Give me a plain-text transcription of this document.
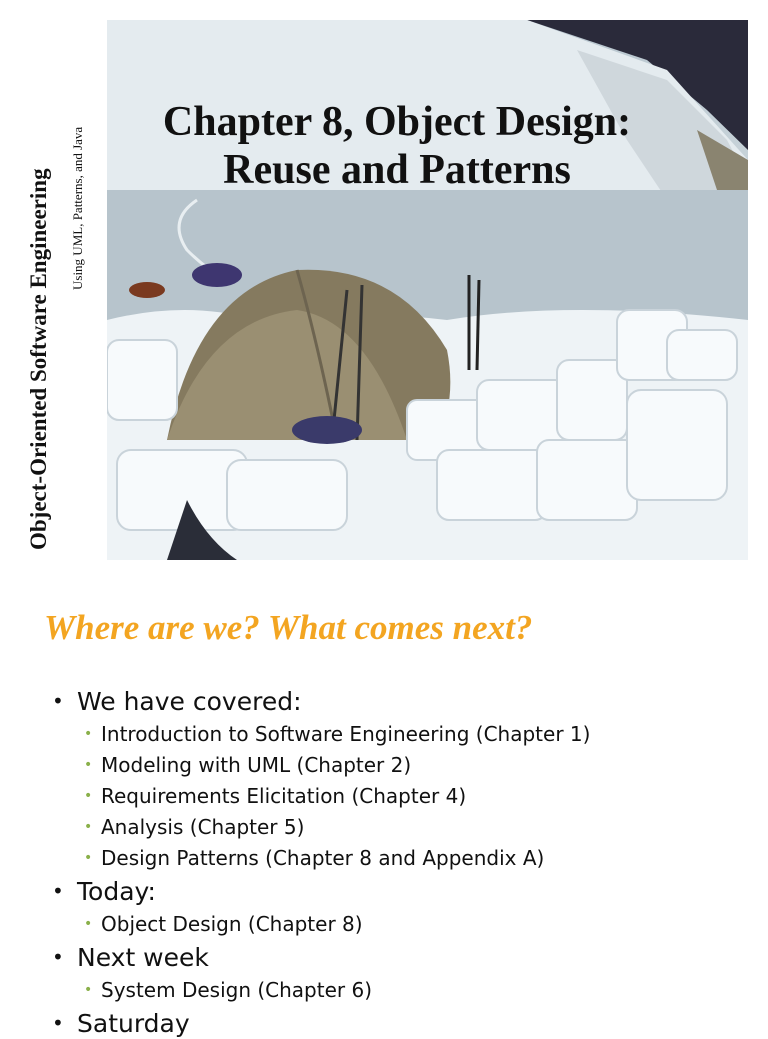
Object-Oriented Software Engineering Using UML, Patterns, and Java
Chapter 8, Object Design:
Reuse and Patterns
Where are we? What comes next?
• We have covered:
• Introduction to Software Engineering (Chapter 1)
• Modeling with UML (Chapter 2)
• Requirements Elicitation (Chapter 4)
• Analysis (Chapter 5)
• Design Patterns (Chapter 8 and Appendix A)
• Today:
• Object Design (Chapter 8)
• Next week
• System Design (Chapter 6)
• Saturday
